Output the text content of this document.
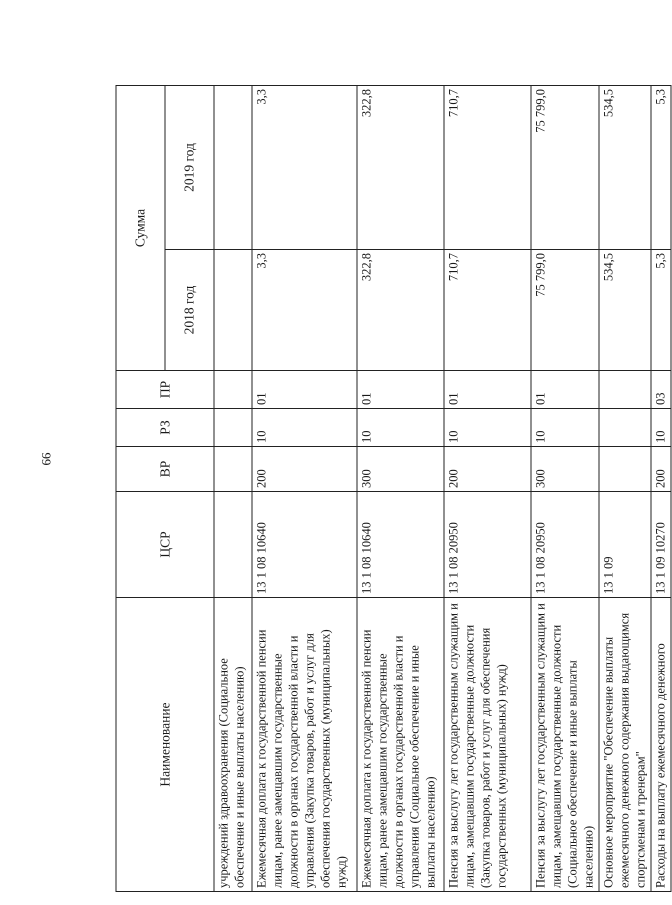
99
Наименование	ЦСР	ВР	РЗ	ПР	Сумма	
					2018 год	2019 год
учреждений здравоохранения (Социальное обеспечение и иные выплаты населению)						
Ежемесячная доплата к государственной пенсии лицам, ранее замещавшим государственные должности в органах государственной власти и управления (Закупка товаров, работ и услуг для обеспечения государственных (муниципальных) нужд)	13 1 08 10640	200	10	01	3,3	3,3
Ежемесячная доплата к государственной пенсии лицам, ранее замещавшим государственные должности в органах государственной власти и управления (Социальное обеспечение и иные выплаты населению)	13 1 08 10640	300	10	01	322,8	322,8
Пенсия за выслугу лет государственным служащим и лицам, замещавшим государственные должности (Закупка товаров, работ и услуг для обеспечения государственных (муниципальных) нужд)	13 1 08 20950	200	10	01	710,7	710,7
Пенсия за выслугу лет государственным служащим и лицам, замещавшим государственные должности (Социальное обеспечение и иные выплаты населению)	13 1 08 20950	300	10	01	75 799,0	75 799,0
Основное мероприятие "Обеспечение выплаты ежемесячного денежного содержания выдающимся спортсменам и тренерам"	13 1 09				534,5	534,5
Расходы на выплату ежемесячного денежного	13 1 09 10270	200	10	03	5,3	5,3
